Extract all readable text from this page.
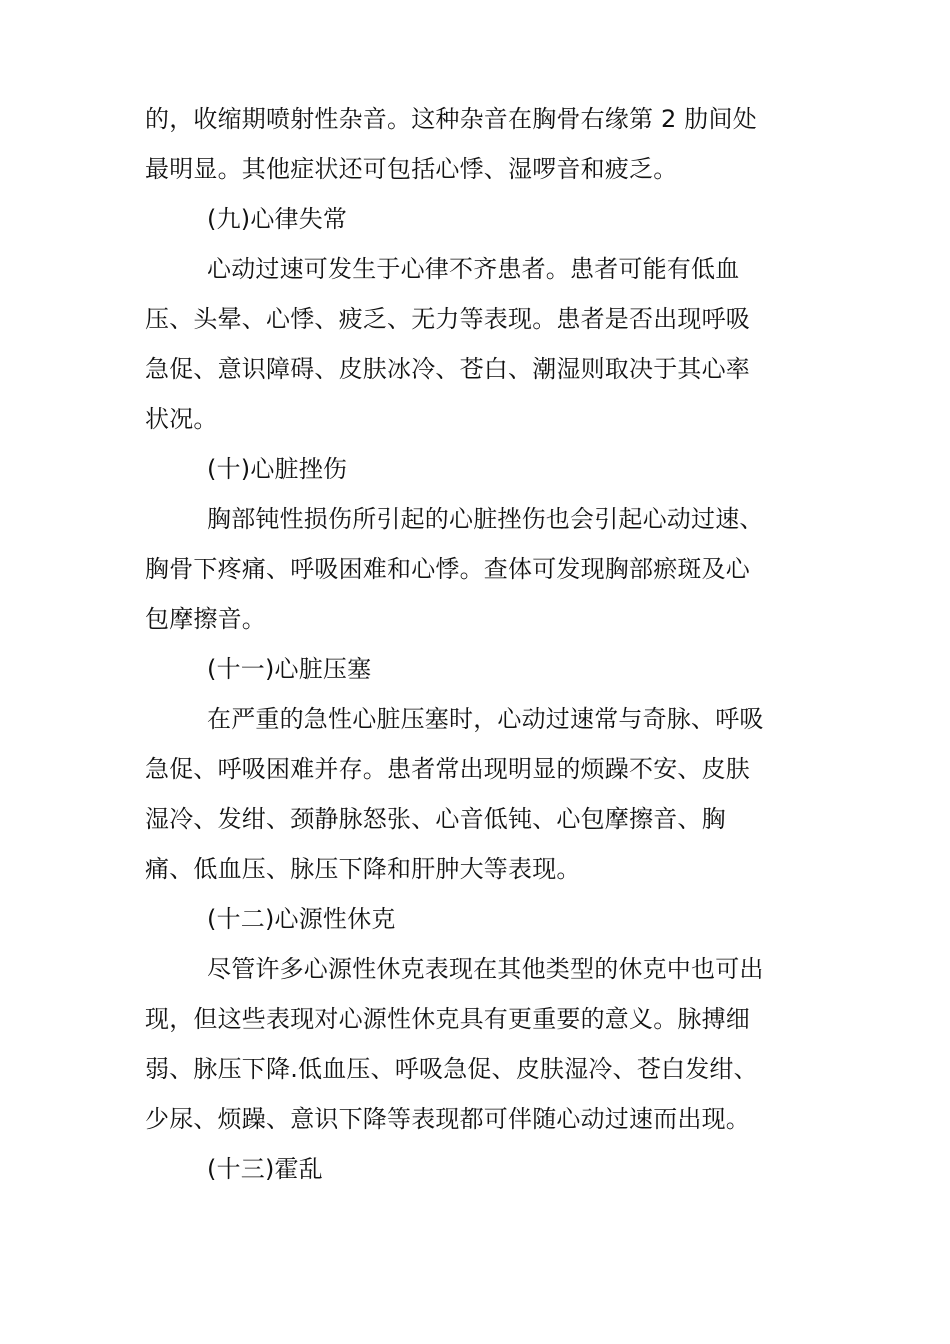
的，收缩期喷射性杂音。这种杂音在胸骨右缘第 2 肋间处
最明显。其他症状还可包括心悸、湿啰音和疲乏。
(九)心律失常
心动过速可发生于心律不齐患者。患者可能有低血
压、头晕、心悸、疲乏、无力等表现。患者是否出现呼吸
急促、意识障碍、皮肤冰冷、苍白、潮湿则取决于其心率
状况。
(十)心脏挫伤
胸部钝性损伤所引起的心脏挫伤也会引起心动过速、
胸骨下疼痛、呼吸困难和心悸。查体可发现胸部瘀斑及心
包摩擦音。
(十一)心脏压塞
在严重的急性心脏压塞时，心动过速常与奇脉、呼吸
急促、呼吸困难并存。患者常出现明显的烦躁不安、皮肤
湿冷、发绀、颈静脉怒张、心音低钝、心包摩擦音、胸
痛、低血压、脉压下降和肝肿大等表现。
(十二)心源性休克
尽管许多心源性休克表现在其他类型的休克中也可出
现，但这些表现对心源性休克具有更重要的意义。脉搏细
弱、脉压下降.低血压、呼吸急促、皮肤湿冷、苍白发绀、
少尿、烦躁、意识下降等表现都可伴随心动过速而出现。
(十三)霍乱
